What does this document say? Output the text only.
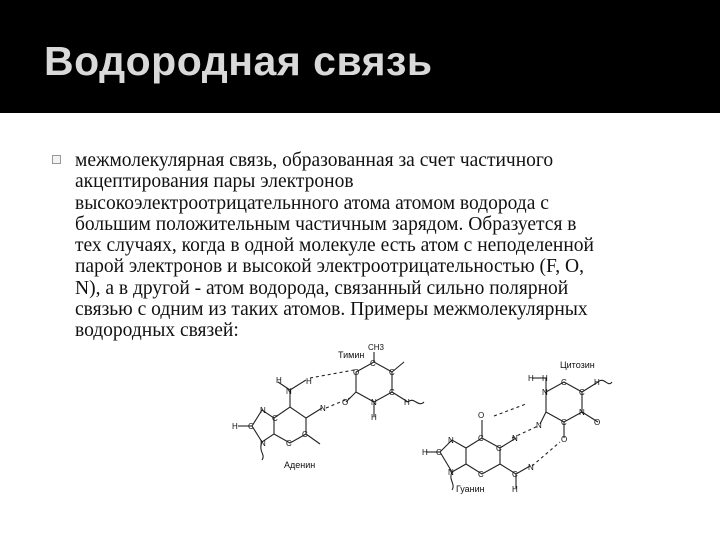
Водородная связь

межмолекулярная связь, образованная за счет частичного
акцептирования пары электронов
высокоэлектроотрицательнного атома атомом водорода с
большим положительным частичным зарядом. Образуется в
тех случаях, когда в одной молекуле есть атом с неподеленной
парой электронов и высокой электроотрицательностью (F, O,
N), а в другой - атом водорода, связанный сильно полярной
связью с одним из таких атомов. Примеры межмолекулярных
водородных связей:

H	H
N
N
H C
N
N	C
C
C
O
C
C
C
N
O
H
H
H H
N
C
C
N
C
N
H
O
O
O
N
N
C
H
C
C
N
C
H
N	C
Тимин
Аденин
Цитозин
Гуанин
CH3
